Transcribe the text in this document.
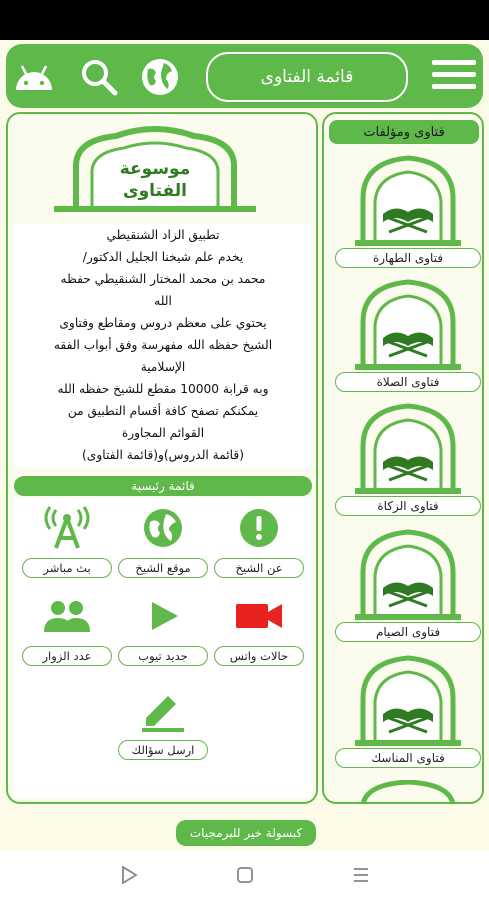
قائمة الفتاوى
موسوعة
الفتاوى

تطبيق الزاد الشنقيطي

يخدم علم شيخنا الجليل الدكتور/

محمد بن محمد المختار الشنقيطي حفظه

الله

يحتوي على معظم دروس ومقاطع وفتاوى

الشيخ حفظه الله مفهرسة وفق أبواب الفقه

الإسلامية

وبه قرابة 10000 مقطع للشيخ حفظه الله

يمكنكم تصفح كافة أقسام التطبيق من

القوائم المجاورة

(قائمة الدروس)و(قائمة الفتاوى)

قائمة رئيسية
عن الشيخ
موقع الشيخ
بث مباشر
حالات واتس
جديد تيوب
عدد الزوار
ارسل سؤالك
فتاوى ومؤلفات
فتاوى الطهارة
فتاوى الصلاة
فتاوى الزكاة
فتاوى الصيام
فتاوى المناسك
كبسولة خير للبرمجيات
